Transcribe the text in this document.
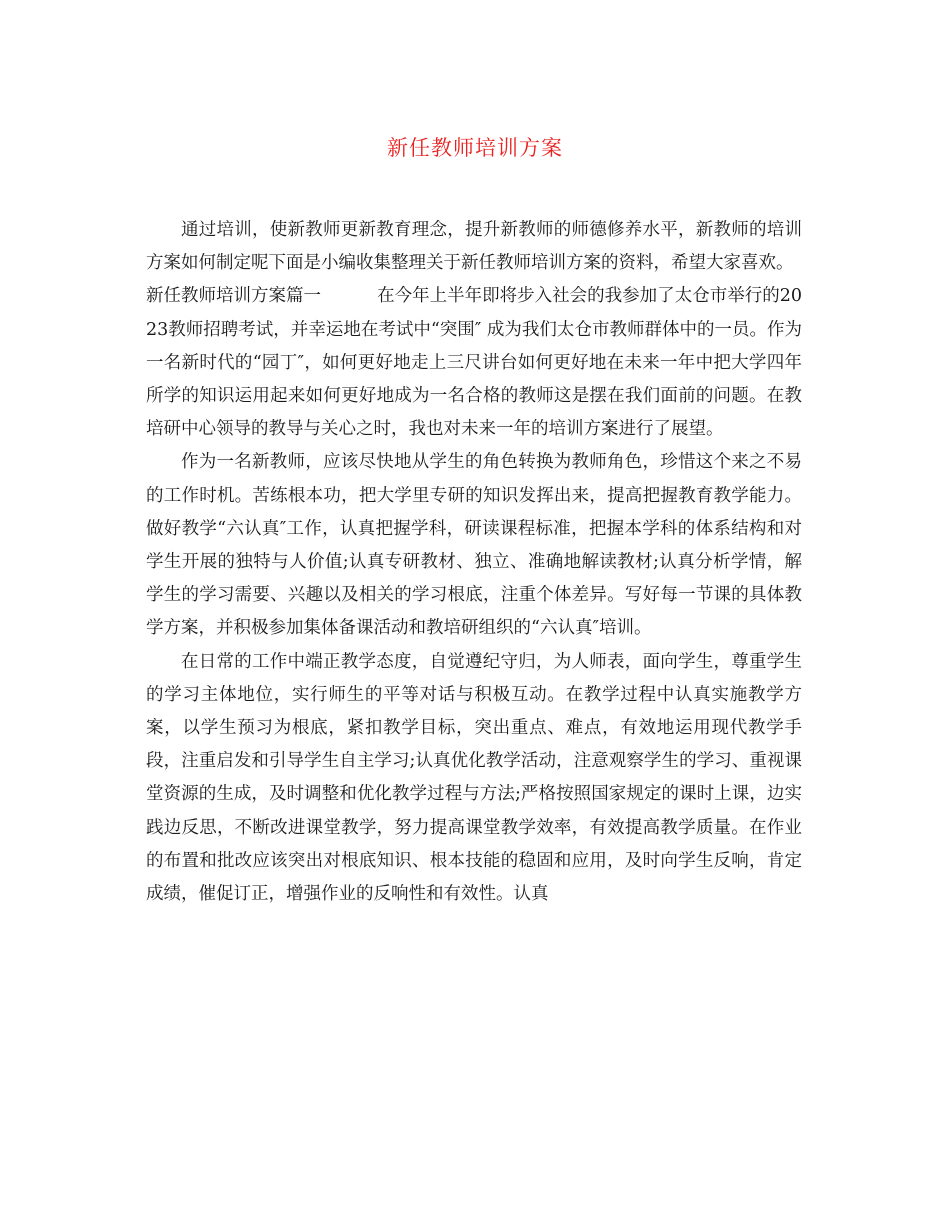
新任教师培训方案

通过培训，使新教师更新教育理念，提升新教师的师德修养水平，新教师的培训方案如何制定呢下面是小编收集整理关于新任教师培训方案的资料，希望大家喜欢。

新任教师培训方案篇一	在今年上半年即将步入社会的我参加了太仓市举行的2023教师招聘考试，并幸运地在考试中“突围″ 成为我们太仓市教师群体中的一员。作为一名新时代的“园丁″，如何更好地走上三尺讲台如何更好地在未来一年中把大学四年所学的知识运用起来如何更好地成为一名合格的教师这是摆在我们面前的问题。在教培研中心领导的教导与关心之时，我也对未来一年的培训方案进行了展望。

作为一名新教师，应该尽快地从学生的角色转换为教师角色，珍惜这个来之不易的工作时机。苦练根本功，把大学里专研的知识发挥出来，提高把握教育教学能力。做好教学“六认真″工作，认真把握学科，研读课程标准，把握本学科的体系结构和对学生开展的独特与人价值;认真专研教材、独立、准确地解读教材;认真分析学情，解学生的学习需要、兴趣以及相关的学习根底，注重个体差异。写好每一节课的具体教学方案，并积极参加集体备课活动和教培研组织的“六认真″培训。

在日常的工作中端正教学态度，自觉遵纪守归，为人师表，面向学生，尊重学生的学习主体地位，实行师生的平等对话与积极互动。在教学过程中认真实施教学方案，以学生预习为根底，紧扣教学目标，突出重点、难点，有效地运用现代教学手段，注重启发和引导学生自主学习;认真优化教学活动，注意观察学生的学习、重视课堂资源的生成，及时调整和优化教学过程与方法;严格按照国家规定的课时上课，边实践边反思，不断改进课堂教学，努力提高课堂教学效率，有效提高教学质量。在作业的布置和批改应该突出对根底知识、根本技能的稳固和应用，及时向学生反响，肯定成绩，催促订正，增强作业的反响性和有效性。认真
